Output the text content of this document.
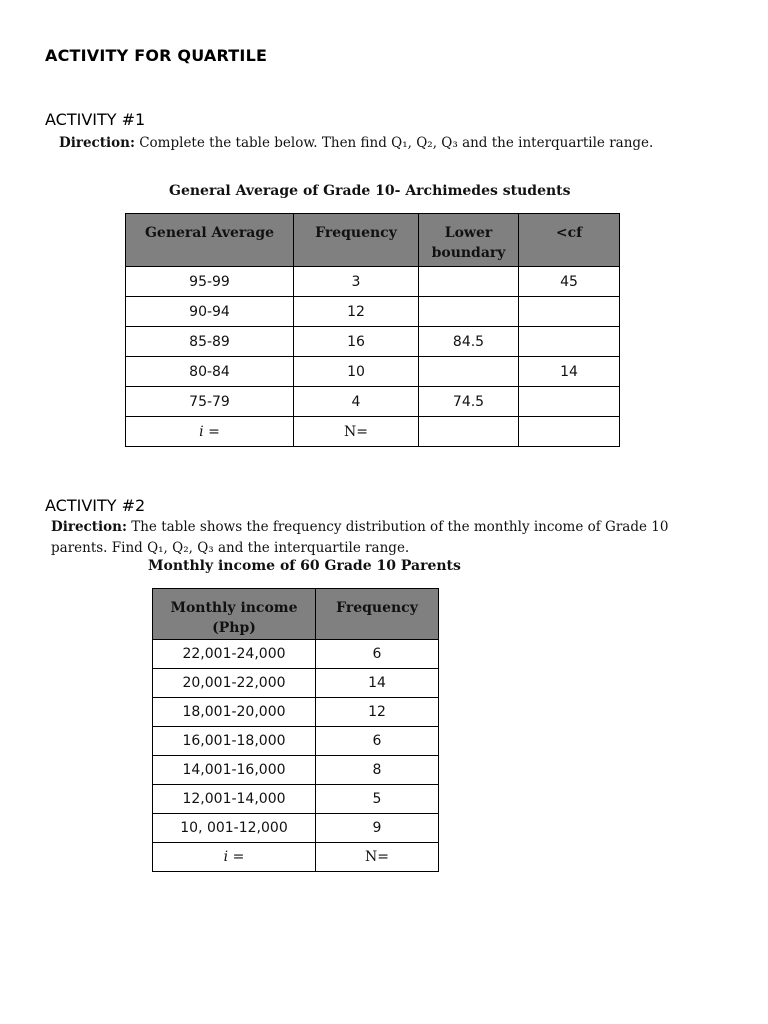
ACTIVITY FOR QUARTILE
ACTIVITY #1
Direction: Complete the table below. Then find Q₁, Q₂, Q₃ and the interquartile range.
General Average of Grade 10- Archimedes students
General Average	Frequency	Lower boundary	<cf
95-99	3		45
90-94	12		
85-89	16	84.5	
80-84	10		14
75-79	4	74.5	
i =	N=		
ACTIVITY #2
Direction: The table shows the frequency distribution of the monthly income of Grade 10 parents. Find Q₁, Q₂, Q₃ and the interquartile range.
Monthly income of 60 Grade 10 Parents
Monthly income (Php)	Frequency
22,001-24,000	6
20,001-22,000	14
18,001-20,000	12
16,001-18,000	6
14,001-16,000	8
12,001-14,000	5
10, 001-12,000	9
i =	N=
